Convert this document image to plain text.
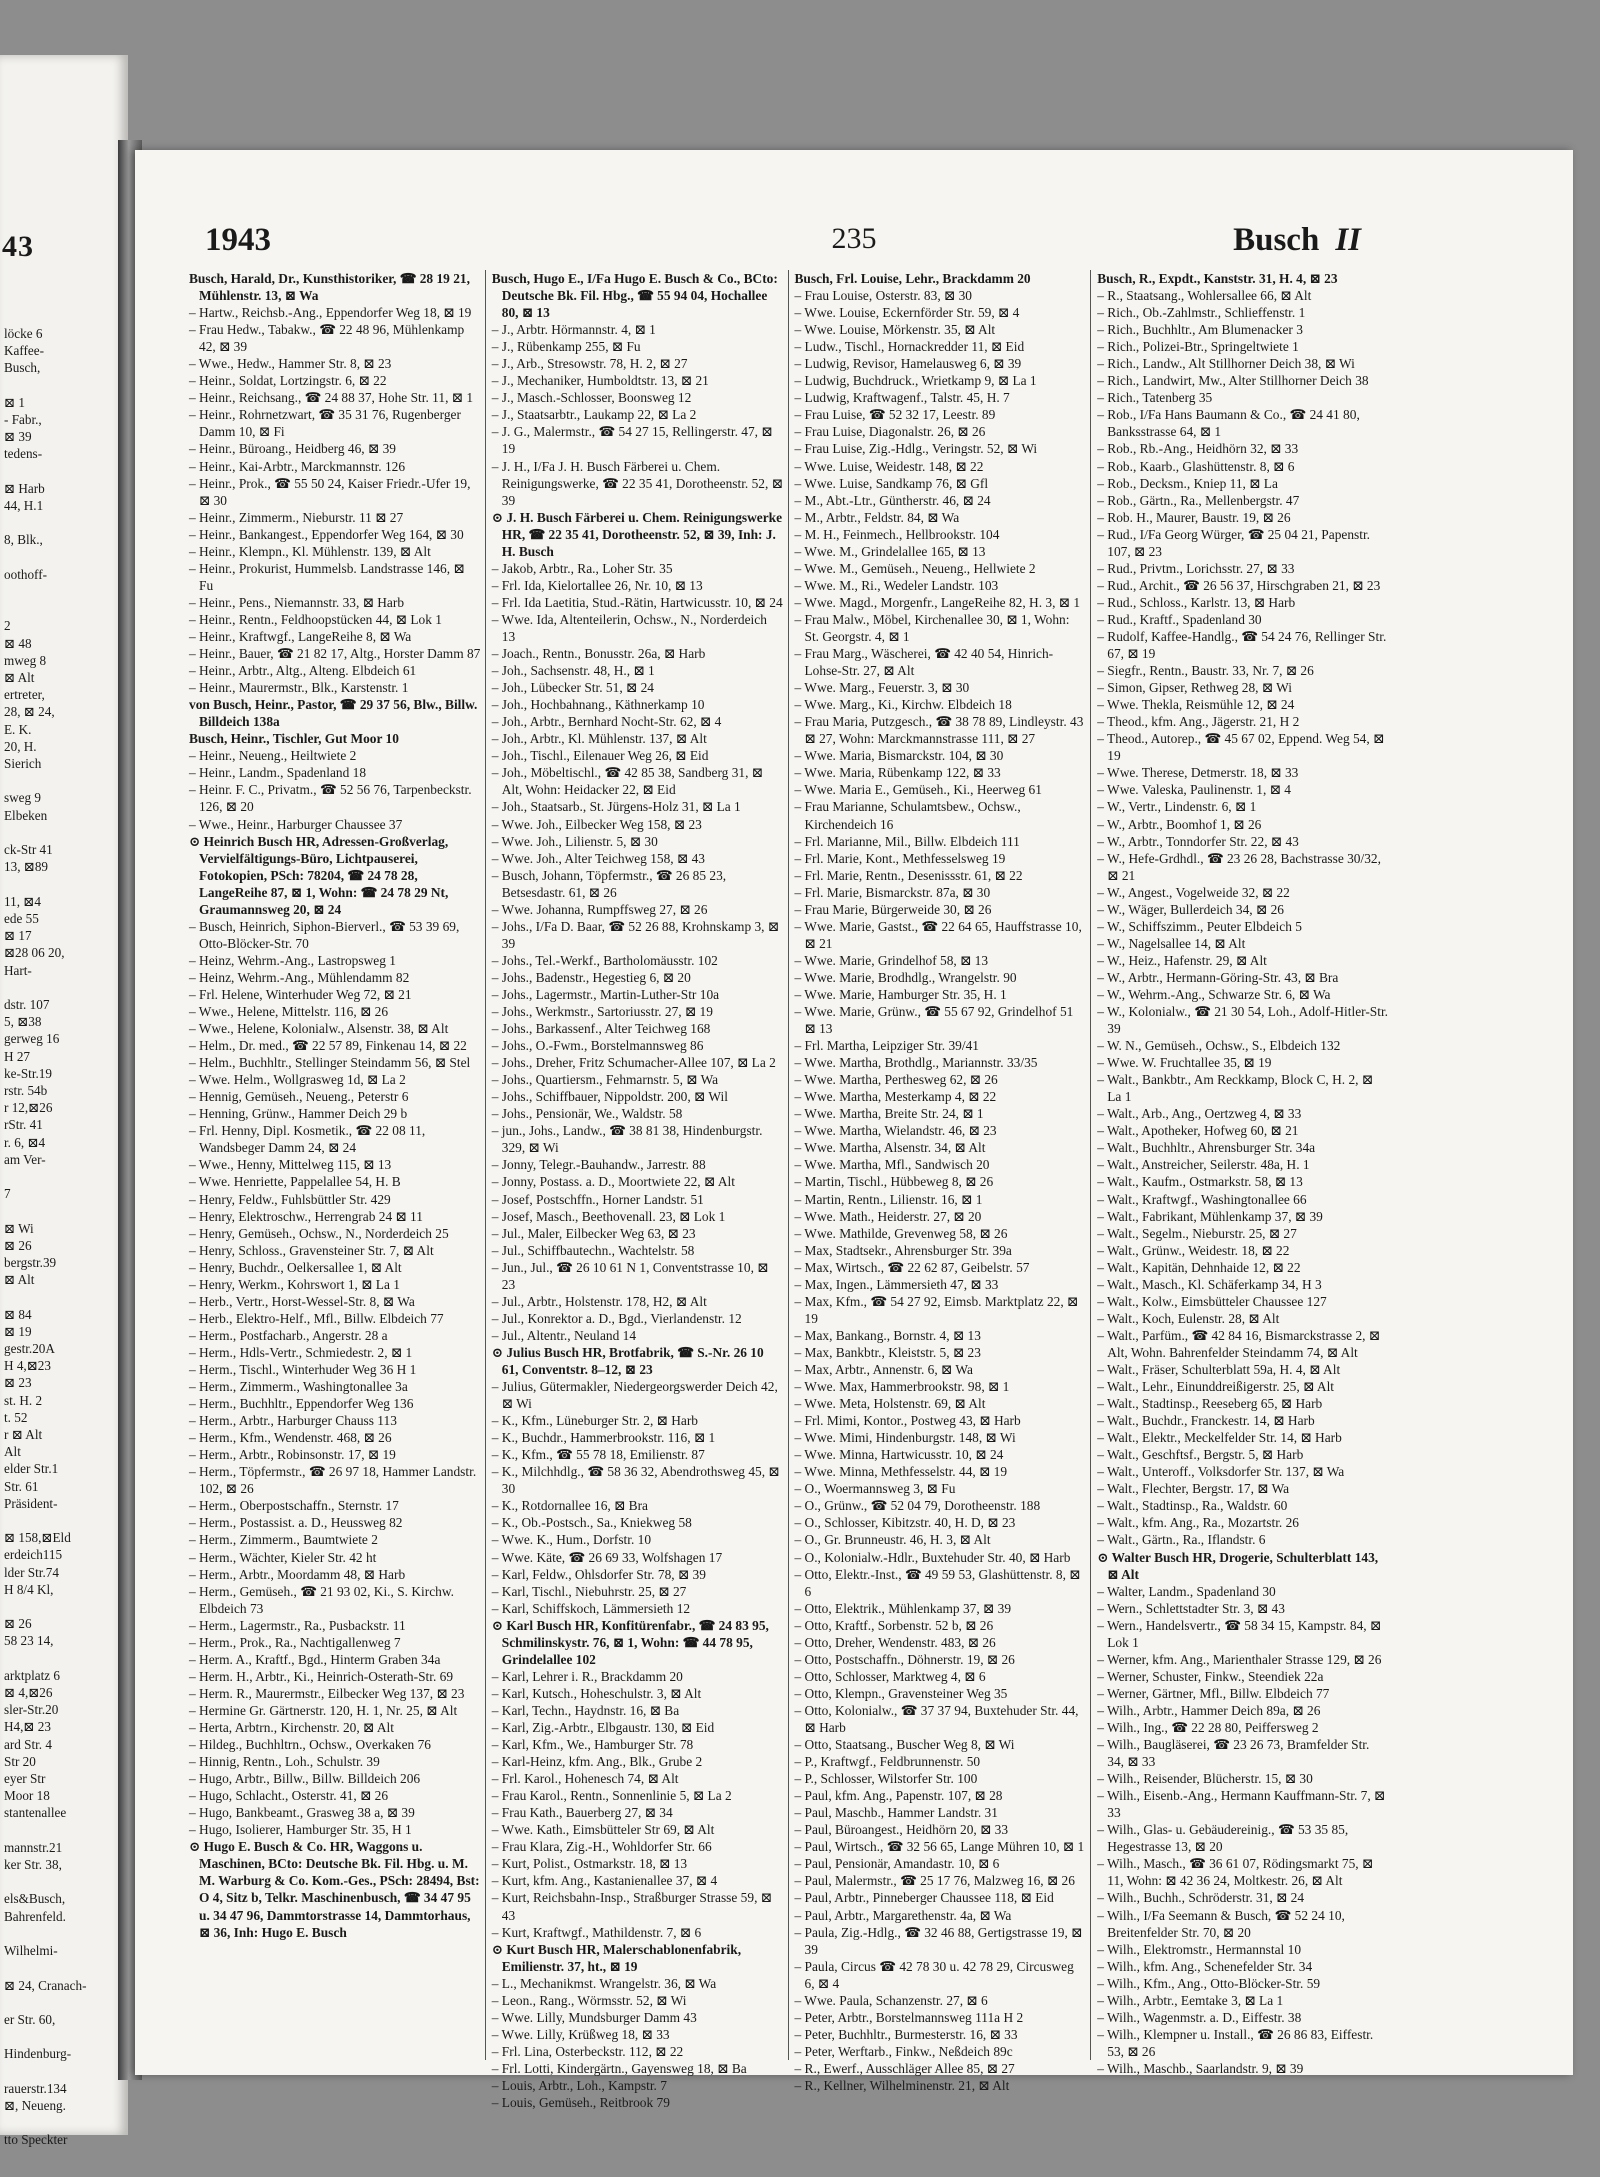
43
löcke 6
Kaffee-
Busch,

⊠ 1
- Fabr.,
⊠ 39
tedens-

⊠ Harb
44, H.1

8, Blk.,

oothoff-

2
⊠ 48
mweg 8
⊠ Alt
ertreter,
28, ⊠ 24,
E. K.
20, H.
Sierich

sweg 9
Elbeken

ck-Str 41
13, ⊠89

11, ⊠4
ede 55
⊠ 17
⊠28 06 20,
Hart-

dstr. 107
5, ⊠38
gerweg 16
H 27
ke-Str.19
rstr. 54b
r 12,⊠26
rStr. 41
r. 6, ⊠4
am Ver-

7

⊠ Wi
⊠ 26
bergstr.39
⊠ Alt

⊠ 84
⊠ 19
gestr.20A
H 4,⊠23
⊠ 23
st. H. 2
t. 52
r ⊠ Alt
Alt
elder Str.1
Str. 61
Präsident-

⊠ 158,⊠Eld
erdeich115
lder Str.74
H 8/4 Kl,

⊠ 26
58 23 14,

arktplatz 6
⊠ 4,⊠26
sler-Str.20
H4,⊠ 23
ard Str. 4
Str 20
eyer Str
Moor 18
stantenallee

mannstr.21
ker Str. 38,

els&Busch,
Bahrenfeld.

Wilhelmi-

⊠ 24, Cranach-

er Str. 60,

Hindenburg-

rauerstr.134
⊠, Neueng.

tto Speckter
1943	235	Busch II

Busch, Harald, Dr., Kunsthistoriker, ☎ 28 19 21, Mühlenstr. 13, ⊠ Wa

– Hartw., Reichsb.-Ang., Eppendorfer Weg 18, ⊠ 19

– Frau Hedw., Tabakw., ☎ 22 48 96, Mühlenkamp 42, ⊠ 39

– Wwe., Hedw., Hammer Str. 8, ⊠ 23

– Heinr., Soldat, Lortzingstr. 6, ⊠ 22

– Heinr., Reichsang., ☎ 24 88 37, Hohe Str. 11, ⊠ 1

– Heinr., Rohrnetzwart, ☎ 35 31 76, Rugenberger Damm 10, ⊠ Fi

– Heinr., Büroang., Heidberg 46, ⊠ 39

– Heinr., Kai-Arbtr., Marckmannstr. 126

– Heinr., Prok., ☎ 55 50 24, Kaiser Friedr.-Ufer 19, ⊠ 30

– Heinr., Zimmerm., Nieburstr. 11 ⊠ 27

– Heinr., Bankangest., Eppendorfer Weg 164, ⊠ 30

– Heinr., Klempn., Kl. Mühlenstr. 139, ⊠ Alt

– Heinr., Prokurist, Hummelsb. Landstrasse 146, ⊠ Fu

– Heinr., Pens., Niemannstr. 33, ⊠ Harb

– Heinr., Rentn., Feldhoopstücken 44, ⊠ Lok 1

– Heinr., Kraftwgf., LangeReihe 8, ⊠ Wa

– Heinr., Bauer, ☎ 21 82 17, Altg., Horster Damm 87

– Heinr., Arbtr., Altg., Alteng. Elbdeich 61

– Heinr., Maurermstr., Blk., Karstenstr. 1

von Busch, Heinr., Pastor, ☎ 29 37 56, Blw., Billw. Billdeich 138a

Busch, Heinr., Tischler, Gut Moor 10

– Heinr., Neueng., Heiltwiete 2

– Heinr., Landm., Spadenland 18

– Heinr. F. C., Privatm., ☎ 52 56 76, Tarpenbeckstr. 126, ⊠ 20

– Wwe., Heinr., Harburger Chaussee 37

⊙ Heinrich Busch HR, Adressen-Großverlag, Vervielfältigungs-Büro, Lichtpauserei, Fotokopien, PSch: 78204, ☎ 24 78 28, LangeReihe 87, ⊠ 1, Wohn: ☎ 24 78 29 Nt, Graumannsweg 20, ⊠ 24

– Busch, Heinrich, Siphon-Bierverl., ☎ 53 39 69, Otto-Blöcker-Str. 70

– Heinz, Wehrm.-Ang., Lastropsweg 1

– Heinz, Wehrm.-Ang., Mühlendamm 82

– Frl. Helene, Winterhuder Weg 72, ⊠ 21

– Wwe., Helene, Mittelstr. 116, ⊠ 26

– Wwe., Helene, Kolonialw., Alsenstr. 38, ⊠ Alt

– Helm., Dr. med., ☎ 22 57 89, Finkenau 14, ⊠ 22

– Helm., Buchhltr., Stellinger Steindamm 56, ⊠ Stel

– Wwe. Helm., Wollgrasweg 1d, ⊠ La 2

– Hennig, Gemüseh., Neueng., Peterstr 6

– Henning, Grünw., Hammer Deich 29 b

– Frl. Henny, Dipl. Kosmetik., ☎ 22 08 11, Wandsbeger Damm 24, ⊠ 24

– Wwe., Henny, Mittelweg 115, ⊠ 13

– Wwe. Henriette, Pappelallee 54, H. B

– Henry, Feldw., Fuhlsbüttler Str. 429

– Henry, Elektroschw., Herrengrab 24 ⊠ 11

– Henry, Gemüseh., Ochsw., N., Norderdeich 25

– Henry, Schloss., Gravensteiner Str. 7, ⊠ Alt

– Henry, Buchdr., Oelkersallee 1, ⊠ Alt

– Henry, Werkm., Kohrswort 1, ⊠ La 1

– Herb., Vertr., Horst-Wessel-Str. 8, ⊠ Wa

– Herb., Elektro-Helf., Mfl., Billw. Elbdeich 77

– Herm., Postfacharb., Angerstr. 28 a

– Herm., Hdls-Vertr., Schmiedestr. 2, ⊠ 1

– Herm., Tischl., Winterhuder Weg 36 H 1

– Herm., Zimmerm., Washingtonallee 3a

– Herm., Buchhltr., Eppendorfer Weg 136

– Herm., Arbtr., Harburger Chauss 113

– Herm., Kfm., Wendenstr. 468, ⊠ 26

– Herm., Arbtr., Robinsonstr. 17, ⊠ 19

– Herm., Töpfermstr., ☎ 26 97 18, Hammer Landstr. 102, ⊠ 26

– Herm., Oberpostschaffn., Sternstr. 17

– Herm., Postassist. a. D., Heussweg 82

– Herm., Zimmerm., Baumtwiete 2

– Herm., Wächter, Kieler Str. 42 ht

– Herm., Arbtr., Moordamm 48, ⊠ Harb

– Herm., Gemüseh., ☎ 21 93 02, Ki., S. Kirchw. Elbdeich 73

– Herm., Lagermstr., Ra., Pusbackstr. 11

– Herm., Prok., Ra., Nachtigallenweg 7

– Herm. A., Kraftf., Bgd., Hinterm Graben 34a

– Herm. H., Arbtr., Ki., Heinrich-Osterath-Str. 69

– Herm. R., Maurermstr., Eilbecker Weg 137, ⊠ 23

– Hermine Gr. Gärtnerstr. 120, H. 1, Nr. 25, ⊠ Alt

– Herta, Arbtrn., Kirchenstr. 20, ⊠ Alt

– Hildeg., Buchhltrn., Ochsw., Overkaken 76

– Hinnig, Rentn., Loh., Schulstr. 39

– Hugo, Arbtr., Billw., Billw. Billdeich 206

– Hugo, Schlacht., Osterstr. 41, ⊠ 26

– Hugo, Bankbeamt., Grasweg 38 a, ⊠ 39

– Hugo, Isolierer, Hamburger Str. 35, H 1

⊙ Hugo E. Busch & Co. HR, Waggons u. Maschinen, BCto: Deutsche Bk. Fil. Hbg. u. M. M. Warburg & Co. Kom.-Ges., PSch: 28494, Bst: O 4, Sitz b, Telkr. Maschinenbusch, ☎ 34 47 95 u. 34 47 96, Dammtorstrasse 14, Dammtorhaus, ⊠ 36, Inh: Hugo E. Busch

Busch, Hugo E., I/Fa Hugo E. Busch & Co., BCto: Deutsche Bk. Fil. Hbg., ☎ 55 94 04, Hochallee 80, ⊠ 13

– J., Arbtr. Hörmannstr. 4, ⊠ 1

– J., Rübenkamp 255, ⊠ Fu

– J., Arb., Stresowstr. 78, H. 2, ⊠ 27

– J., Mechaniker, Humboldtstr. 13, ⊠ 21

– J., Masch.-Schlosser, Boonsweg 12

– J., Staatsarbtr., Laukamp 22, ⊠ La 2

– J. G., Malermstr., ☎ 54 27 15, Rellingerstr. 47, ⊠ 19

– J. H., I/Fa J. H. Busch Färberei u. Chem. Reinigungswerke, ☎ 22 35 41, Dorotheenstr. 52, ⊠ 39

⊙ J. H. Busch Färberei u. Chem. Reinigungswerke HR, ☎ 22 35 41, Dorotheenstr. 52, ⊠ 39, Inh: J. H. Busch

– Jakob, Arbtr., Ra., Loher Str. 35

– Frl. Ida, Kielortallee 26, Nr. 10, ⊠ 13

– Frl. Ida Laetitia, Stud.-Rätin, Hartwicusstr. 10, ⊠ 24

– Wwe. Ida, Altenteilerin, Ochsw., N., Norderdeich 13

– Joach., Rentn., Bonusstr. 26a, ⊠ Harb

– Joh., Sachsenstr. 48, H., ⊠ 1

– Joh., Lübecker Str. 51, ⊠ 24

– Joh., Hochbahnang., Käthnerkamp 10

– Joh., Arbtr., Bernhard Nocht-Str. 62, ⊠ 4

– Joh., Arbtr., Kl. Mühlenstr. 137, ⊠ Alt

– Joh., Tischl., Eilenauer Weg 26, ⊠ Eid

– Joh., Möbeltischl., ☎ 42 85 38, Sandberg 31, ⊠ Alt, Wohn: Heidacker 22, ⊠ Eid

– Joh., Staatsarb., St. Jürgens-Holz 31, ⊠ La 1

– Wwe. Joh., Eilbecker Weg 158, ⊠ 23

– Wwe. Joh., Lilienstr. 5, ⊠ 30

– Wwe. Joh., Alter Teichweg 158, ⊠ 43

– Busch, Johann, Töpfermstr., ☎ 26 85 23, Betsesdastr. 61, ⊠ 26

– Wwe. Johanna, Rumpffsweg 27, ⊠ 26

– Johs., I/Fa D. Baar, ☎ 52 26 88, Krohnskamp 3, ⊠ 39

– Johs., Tel.-Werkf., Bartholomäusstr. 102

– Johs., Badenstr., Hegestieg 6, ⊠ 20

– Johs., Lagermstr., Martin-Luther-Str 10a

– Johs., Werkmstr., Sartoriusstr. 27, ⊠ 19

– Johs., Barkassenf., Alter Teichweg 168

– Johs., O.-Fwm., Borstelmannsweg 86

– Johs., Dreher, Fritz Schumacher-Allee 107, ⊠ La 2

– Johs., Quartiersm., Fehmarnstr. 5, ⊠ Wa

– Johs., Schiffbauer, Nippoldstr. 200, ⊠ Wil

– Johs., Pensionär, We., Waldstr. 58

– jun., Johs., Landw., ☎ 38 81 38, Hindenburgstr. 329, ⊠ Wi

– Jonny, Telegr.-Bauhandw., Jarrestr. 88

– Jonny, Postass. a. D., Moortwiete 22, ⊠ Alt

– Josef, Postschffn., Horner Landstr. 51

– Josef, Masch., Beethovenall. 23, ⊠ Lok 1

– Jul., Maler, Eilbecker Weg 63, ⊠ 23

– Jul., Schiffbautechn., Wachtelstr. 58

– Jun., Jul., ☎ 26 10 61 N 1, Conventstrasse 10, ⊠ 23

– Jul., Arbtr., Holstenstr. 178, H2, ⊠ Alt

– Jul., Konrektor a. D., Bgd., Vierlandenstr. 12

– Jul., Altentr., Neuland 14

⊙ Julius Busch HR, Brotfabrik, ☎ S.-Nr. 26 10 61, Conventstr. 8–12, ⊠ 23

– Julius, Gütermakler, Niedergeorgswerder Deich 42, ⊠ Wi

– K., Kfm., Lüneburger Str. 2, ⊠ Harb

– K., Buchdr., Hammerbrookstr. 116, ⊠ 1

– K., Kfm., ☎ 55 78 18, Emilienstr. 87

– K., Milchhdlg., ☎ 58 36 32, Abendrothsweg 45, ⊠ 30

– K., Rotdornallee 16, ⊠ Bra

– K., Ob.-Postsch., Sa., Kniekweg 58

– Wwe. K., Hum., Dorfstr. 10

– Wwe. Käte, ☎ 26 69 33, Wolfshagen 17

– Karl, Feldw., Ohlsdorfer Str. 78, ⊠ 39

– Karl, Tischl., Niebuhrstr. 25, ⊠ 27

– Karl, Schiffskoch, Lämmersieth 12

⊙ Karl Busch HR, Konfitürenfabr., ☎ 24 83 95, Schmilinskystr. 76, ⊠ 1, Wohn: ☎ 44 78 95, Grindelallee 102

– Karl, Lehrer i. R., Brackdamm 20

– Karl, Kutsch., Hoheschulstr. 3, ⊠ Alt

– Karl, Techn., Haydnstr. 16, ⊠ Ba

– Karl, Zig.-Arbtr., Elbgaustr. 130, ⊠ Eid

– Karl, Kfm., We., Hamburger Str. 78

– Karl-Heinz, kfm. Ang., Blk., Grube 2

– Frl. Karol., Hohenesch 74, ⊠ Alt

– Frau Karol., Rentn., Sonnenlinie 5, ⊠ La 2

– Frau Kath., Bauerberg 27, ⊠ 34

– Wwe. Kath., Eimsbütteler Str 69, ⊠ Alt

– Frau Klara, Zig.-H., Wohldorfer Str. 66

– Kurt, Polist., Ostmarkstr. 18, ⊠ 13

– Kurt, kfm. Ang., Kastanienallee 37, ⊠ 4

– Kurt, Reichsbahn-Insp., Straßburger Strasse 59, ⊠ 43

– Kurt, Kraftwgf., Mathildenstr. 7, ⊠ 6

⊙ Kurt Busch HR, Malerschablonenfabrik, Emilienstr. 37, ht., ⊠ 19

– L., Mechanikmst. Wrangelstr. 36, ⊠ Wa

– Leon., Rang., Wörmsstr. 52, ⊠ Wi

– Wwe. Lilly, Mundsburger Damm 43

– Wwe. Lilly, Krüßweg 18, ⊠ 33

– Frl. Lina, Osterbeckstr. 112, ⊠ 22

– Frl. Lotti, Kindergärtn., Gayensweg 18, ⊠ Ba

– Louis, Arbtr., Loh., Kampstr. 7

– Louis, Gemüseh., Reitbrook 79

Busch, Frl. Louise, Lehr., Brackdamm 20

– Frau Louise, Osterstr. 83, ⊠ 30

– Wwe. Louise, Eckernförder Str. 59, ⊠ 4

– Wwe. Louise, Mörkenstr. 35, ⊠ Alt

– Ludw., Tischl., Hornackredder 11, ⊠ Eid

– Ludwig, Revisor, Hamelausweg 6, ⊠ 39

– Ludwig, Buchdruck., Wrietkamp 9, ⊠ La 1

– Ludwig, Kraftwagenf., Talstr. 45, H. 7

– Frau Luise, ☎ 52 32 17, Leestr. 89

– Frau Luise, Diagonalstr. 26, ⊠ 26

– Frau Luise, Zig.-Hdlg., Veringstr. 52, ⊠ Wi

– Wwe. Luise, Weidestr. 148, ⊠ 22

– Wwe. Luise, Sandkamp 76, ⊠ Gfl

– M., Abt.-Ltr., Güntherstr. 46, ⊠ 24

– M., Arbtr., Feldstr. 84, ⊠ Wa

– M. H., Feinmech., Hellbrookstr. 104

– Wwe. M., Grindelallee 165, ⊠ 13

– Wwe. M., Gemüseh., Neueng., Hellwiete 2

– Wwe. M., Ri., Wedeler Landstr. 103

– Wwe. Magd., Morgenfr., LangeReihe 82, H. 3, ⊠ 1

– Frau Malw., Möbel, Kirchenallee 30, ⊠ 1, Wohn: St. Georgstr. 4, ⊠ 1

– Frau Marg., Wäscherei, ☎ 42 40 54, Hinrich-Lohse-Str. 27, ⊠ Alt

– Wwe. Marg., Feuerstr. 3, ⊠ 30

– Wwe. Marg., Ki., Kirchw. Elbdeich 18

– Frau Maria, Putzgesch., ☎ 38 78 89, Lindleystr. 43 ⊠ 27, Wohn: Marckmannstrasse 111, ⊠ 27

– Wwe. Maria, Bismarckstr. 104, ⊠ 30

– Wwe. Maria, Rübenkamp 122, ⊠ 33

– Wwe. Maria E., Gemüseh., Ki., Heerweg 61

– Frau Marianne, Schulamtsbew., Ochsw., Kirchendeich 16

– Frl. Marianne, Mil., Billw. Elbdeich 111

– Frl. Marie, Kont., Methfesselsweg 19

– Frl. Marie, Rentn., Desenissstr. 61, ⊠ 22

– Frl. Marie, Bismarckstr. 87a, ⊠ 30

– Frau Marie, Bürgerweide 30, ⊠ 26

– Wwe. Marie, Gastst., ☎ 22 64 65, Hauffstrasse 10, ⊠ 21

– Wwe. Marie, Grindelhof 58, ⊠ 13

– Wwe. Marie, Brodhdlg., Wrangelstr. 90

– Wwe. Marie, Hamburger Str. 35, H. 1

– Wwe. Marie, Grünw., ☎ 55 67 92, Grindelhof 51 ⊠ 13

– Frl. Martha, Leipziger Str. 39/41

– Wwe. Martha, Brothdlg., Mariannstr. 33/35

– Wwe. Martha, Perthesweg 62, ⊠ 26

– Wwe. Martha, Mesterkamp 4, ⊠ 22

– Wwe. Martha, Breite Str. 24, ⊠ 1

– Wwe. Martha, Wielandstr. 46, ⊠ 23

– Wwe. Martha, Alsenstr. 34, ⊠ Alt

– Wwe. Martha, Mfl., Sandwisch 20

– Martin, Tischl., Hübbeweg 8, ⊠ 26

– Martin, Rentn., Lilienstr. 16, ⊠ 1

– Wwe. Math., Heiderstr. 27, ⊠ 20

– Wwe. Mathilde, Grevenweg 58, ⊠ 26

– Max, Stadtsekr., Ahrensburger Str. 39a

– Max, Wirtsch., ☎ 22 62 87, Geibelstr. 57

– Max, Ingen., Lämmersieth 47, ⊠ 33

– Max, Kfm., ☎ 54 27 92, Eimsb. Marktplatz 22, ⊠ 19

– Max, Bankang., Bornstr. 4, ⊠ 13

– Max, Bankbtr., Kleiststr. 5, ⊠ 23

– Max, Arbtr., Annenstr. 6, ⊠ Wa

– Wwe. Max, Hammerbrookstr. 98, ⊠ 1

– Wwe. Meta, Holstenstr. 69, ⊠ Alt

– Frl. Mimi, Kontor., Postweg 43, ⊠ Harb

– Wwe. Mimi, Hindenburgstr. 148, ⊠ Wi

– Wwe. Minna, Hartwicusstr. 10, ⊠ 24

– Wwe. Minna, Methfesselstr. 44, ⊠ 19

– O., Woermannsweg 3, ⊠ Fu

– O., Grünw., ☎ 52 04 79, Dorotheenstr. 188

– O., Schlosser, Kibitzstr. 40, H. D, ⊠ 23

– O., Gr. Brunneustr. 46, H. 3, ⊠ Alt

– O., Kolonialw.-Hdlr., Buxtehuder Str. 40, ⊠ Harb

– Otto, Elektr.-Inst., ☎ 49 59 53, Glashüttenstr. 8, ⊠ 6

– Otto, Elektrik., Mühlenkamp 37, ⊠ 39

– Otto, Kraftf., Sorbenstr. 52 b, ⊠ 26

– Otto, Dreher, Wendenstr. 483, ⊠ 26

– Otto, Postschaffn., Döhnerstr. 19, ⊠ 26

– Otto, Schlosser, Marktweg 4, ⊠ 6

– Otto, Klempn., Gravensteiner Weg 35

– Otto, Kolonialw., ☎ 37 37 94, Buxtehuder Str. 44, ⊠ Harb

– Otto, Staatsang., Buscher Weg 8, ⊠ Wi

– P., Kraftwgf., Feldbrunnenstr. 50

– P., Schlosser, Wilstorfer Str. 100

– Paul, kfm. Ang., Papenstr. 107, ⊠ 28

– Paul, Maschb., Hammer Landstr. 31

– Paul, Büroangest., Heidhörn 20, ⊠ 33

– Paul, Wirtsch., ☎ 32 56 65, Lange Mühren 10, ⊠ 1

– Paul, Pensionär, Amandastr. 10, ⊠ 6

– Paul, Malermstr., ☎ 25 17 76, Malzweg 16, ⊠ 26

– Paul, Arbtr., Pinneberger Chaussee 118, ⊠ Eid

– Paul, Arbtr., Margarethenstr. 4a, ⊠ Wa

– Paula, Zig.-Hdlg., ☎ 32 46 88, Gertigstrasse 19, ⊠ 39

– Paula, Circus ☎ 42 78 30 u. 42 78 29, Circusweg 6, ⊠ 4

– Wwe. Paula, Schanzenstr. 27, ⊠ 6

– Peter, Arbtr., Borstelmannsweg 111a H 2

– Peter, Buchhltr., Burmesterstr. 16, ⊠ 33

– Peter, Werftarb., Finkw., Neßdeich 89c

– R., Ewerf., Ausschläger Allee 85, ⊠ 27

– R., Kellner, Wilhelminenstr. 21, ⊠ Alt

Busch, R., Expdt., Kanststr. 31, H. 4, ⊠ 23

– R., Staatsang., Wohlersallee 66, ⊠ Alt

– Rich., Ob.-Zahlmstr., Schlieffenstr. 1

– Rich., Buchhltr., Am Blumenacker 3

– Rich., Polizei-Btr., Springeltwiete 1

– Rich., Landw., Alt Stillhorner Deich 38, ⊠ Wi

– Rich., Landwirt, Mw., Alter Stillhorner Deich 38

– Rich., Tatenberg 35

– Rob., I/Fa Hans Baumann & Co., ☎ 24 41 80, Banksstrasse 64, ⊠ 1

– Rob., Rb.-Ang., Heidhörn 32, ⊠ 33

– Rob., Kaarb., Glashüttenstr. 8, ⊠ 6

– Rob., Decksm., Kniep 11, ⊠ La

– Rob., Gärtn., Ra., Mellenbergstr. 47

– Rob. H., Maurer, Baustr. 19, ⊠ 26

– Rud., I/Fa Georg Würger, ☎ 25 04 21, Papenstr. 107, ⊠ 23

– Rud., Privtm., Lorichsstr. 27, ⊠ 33

– Rud., Archit., ☎ 26 56 37, Hirschgraben 21, ⊠ 23

– Rud., Schloss., Karlstr. 13, ⊠ Harb

– Rud., Kraftf., Spadenland 30

– Rudolf, Kaffee-Handlg., ☎ 54 24 76, Rellinger Str. 67, ⊠ 19

– Siegfr., Rentn., Baustr. 33, Nr. 7, ⊠ 26

– Simon, Gipser, Rethweg 28, ⊠ Wi

– Wwe. Thekla, Reismühle 12, ⊠ 24

– Theod., kfm. Ang., Jägerstr. 21, H 2

– Theod., Autorep., ☎ 45 67 02, Eppend. Weg 54, ⊠ 19

– Wwe. Therese, Detmerstr. 18, ⊠ 33

– Wwe. Valeska, Paulinenstr. 1, ⊠ 4

– W., Vertr., Lindenstr. 6, ⊠ 1

– W., Arbtr., Boomhof 1, ⊠ 26

– W., Arbtr., Tonndorfer Str. 22, ⊠ 43

– W., Hefe-Grdhdl., ☎ 23 26 28, Bachstrasse 30/32, ⊠ 21

– W., Angest., Vogelweide 32, ⊠ 22

– W., Wäger, Bullerdeich 34, ⊠ 26

– W., Schiffszimm., Peuter Elbdeich 5

– W., Nagelsallee 14, ⊠ Alt

– W., Heiz., Hafenstr. 29, ⊠ Alt

– W., Arbtr., Hermann-Göring-Str. 43, ⊠ Bra

– W., Wehrm.-Ang., Schwarze Str. 6, ⊠ Wa

– W., Kolonialw., ☎ 21 30 54, Loh., Adolf-Hitler-Str. 39

– W. N., Gemüseh., Ochsw., S., Elbdeich 132

– Wwe. W. Fruchtallee 35, ⊠ 19

– Walt., Bankbtr., Am Reckkamp, Block C, H. 2, ⊠ La 1

– Walt., Arb., Ang., Oertzweg 4, ⊠ 33

– Walt., Apotheker, Hofweg 60, ⊠ 21

– Walt., Buchhltr., Ahrensburger Str. 34a

– Walt., Anstreicher, Seilerstr. 48a, H. 1

– Walt., Kaufm., Ostmarkstr. 58, ⊠ 13

– Walt., Kraftwgf., Washingtonallee 66

– Walt., Fabrikant, Mühlenkamp 37, ⊠ 39

– Walt., Segelm., Nieburstr. 25, ⊠ 27

– Walt., Grünw., Weidestr. 18, ⊠ 22

– Walt., Kapitän, Dehnhaide 12, ⊠ 22

– Walt., Masch., Kl. Schäferkamp 34, H 3

– Walt., Kolw., Eimsbütteler Chaussee 127

– Walt., Koch, Eulenstr. 28, ⊠ Alt

– Walt., Parfüm., ☎ 42 84 16, Bismarckstrasse 2, ⊠ Alt, Wohn. Bahrenfelder Steindamm 74, ⊠ Alt

– Walt., Fräser, Schulterblatt 59a, H. 4, ⊠ Alt

– Walt., Lehr., Einunddreißigerstr. 25, ⊠ Alt

– Walt., Stadtinsp., Reeseberg 65, ⊠ Harb

– Walt., Buchdr., Franckestr. 14, ⊠ Harb

– Walt., Elektr., Meckelfelder Str. 14, ⊠ Harb

– Walt., Geschftsf., Bergstr. 5, ⊠ Harb

– Walt., Unteroff., Volksdorfer Str. 137, ⊠ Wa

– Walt., Flechter, Bergstr. 17, ⊠ Wa

– Walt., Stadtinsp., Ra., Waldstr. 60

– Walt., kfm. Ang., Ra., Mozartstr. 26

– Walt., Gärtn., Ra., Iflandstr. 6

⊙ Walter Busch HR, Drogerie, Schulterblatt 143, ⊠ Alt

– Walter, Landm., Spadenland 30

– Wern., Schlettstadter Str. 3, ⊠ 43

– Wern., Handelsvertr., ☎ 58 34 15, Kampstr. 84, ⊠ Lok 1

– Werner, kfm. Ang., Marienthaler Strasse 129, ⊠ 26

– Werner, Schuster, Finkw., Steendiek 22a

– Werner, Gärtner, Mfl., Billw. Elbdeich 77

– Wilh., Arbtr., Hammer Deich 89a, ⊠ 26

– Wilh., Ing., ☎ 22 28 80, Peiffersweg 2

– Wilh., Baugläserei, ☎ 23 26 73, Bramfelder Str. 34, ⊠ 33

– Wilh., Reisender, Blücherstr. 15, ⊠ 30

– Wilh., Eisenb.-Ang., Hermann Kauffmann-Str. 7, ⊠ 33

– Wilh., Glas- u. Gebäudereinig., ☎ 53 35 85, Hegestrasse 13, ⊠ 20

– Wilh., Masch., ☎ 36 61 07, Rödingsmarkt 75, ⊠ 11, Wohn: ⊠ 42 36 24, Moltkestr. 26, ⊠ Alt

– Wilh., Buchh., Schröderstr. 31, ⊠ 24

– Wilh., I/Fa Seemann & Busch, ☎ 52 24 10, Breitenfelder Str. 70, ⊠ 20

– Wilh., Elektromstr., Hermannstal 10

– Wilh., kfm. Ang., Schenefelder Str. 34

– Wilh., Kfm., Ang., Otto-Blöcker-Str. 59

– Wilh., Arbtr., Eemtake 3, ⊠ La 1

– Wilh., Wagenmstr. a. D., Eiffestr. 38

– Wilh., Klempner u. Install., ☎ 26 86 83, Eiffestr. 53, ⊠ 26

– Wilh., Maschb., Saarlandstr. 9, ⊠ 39
